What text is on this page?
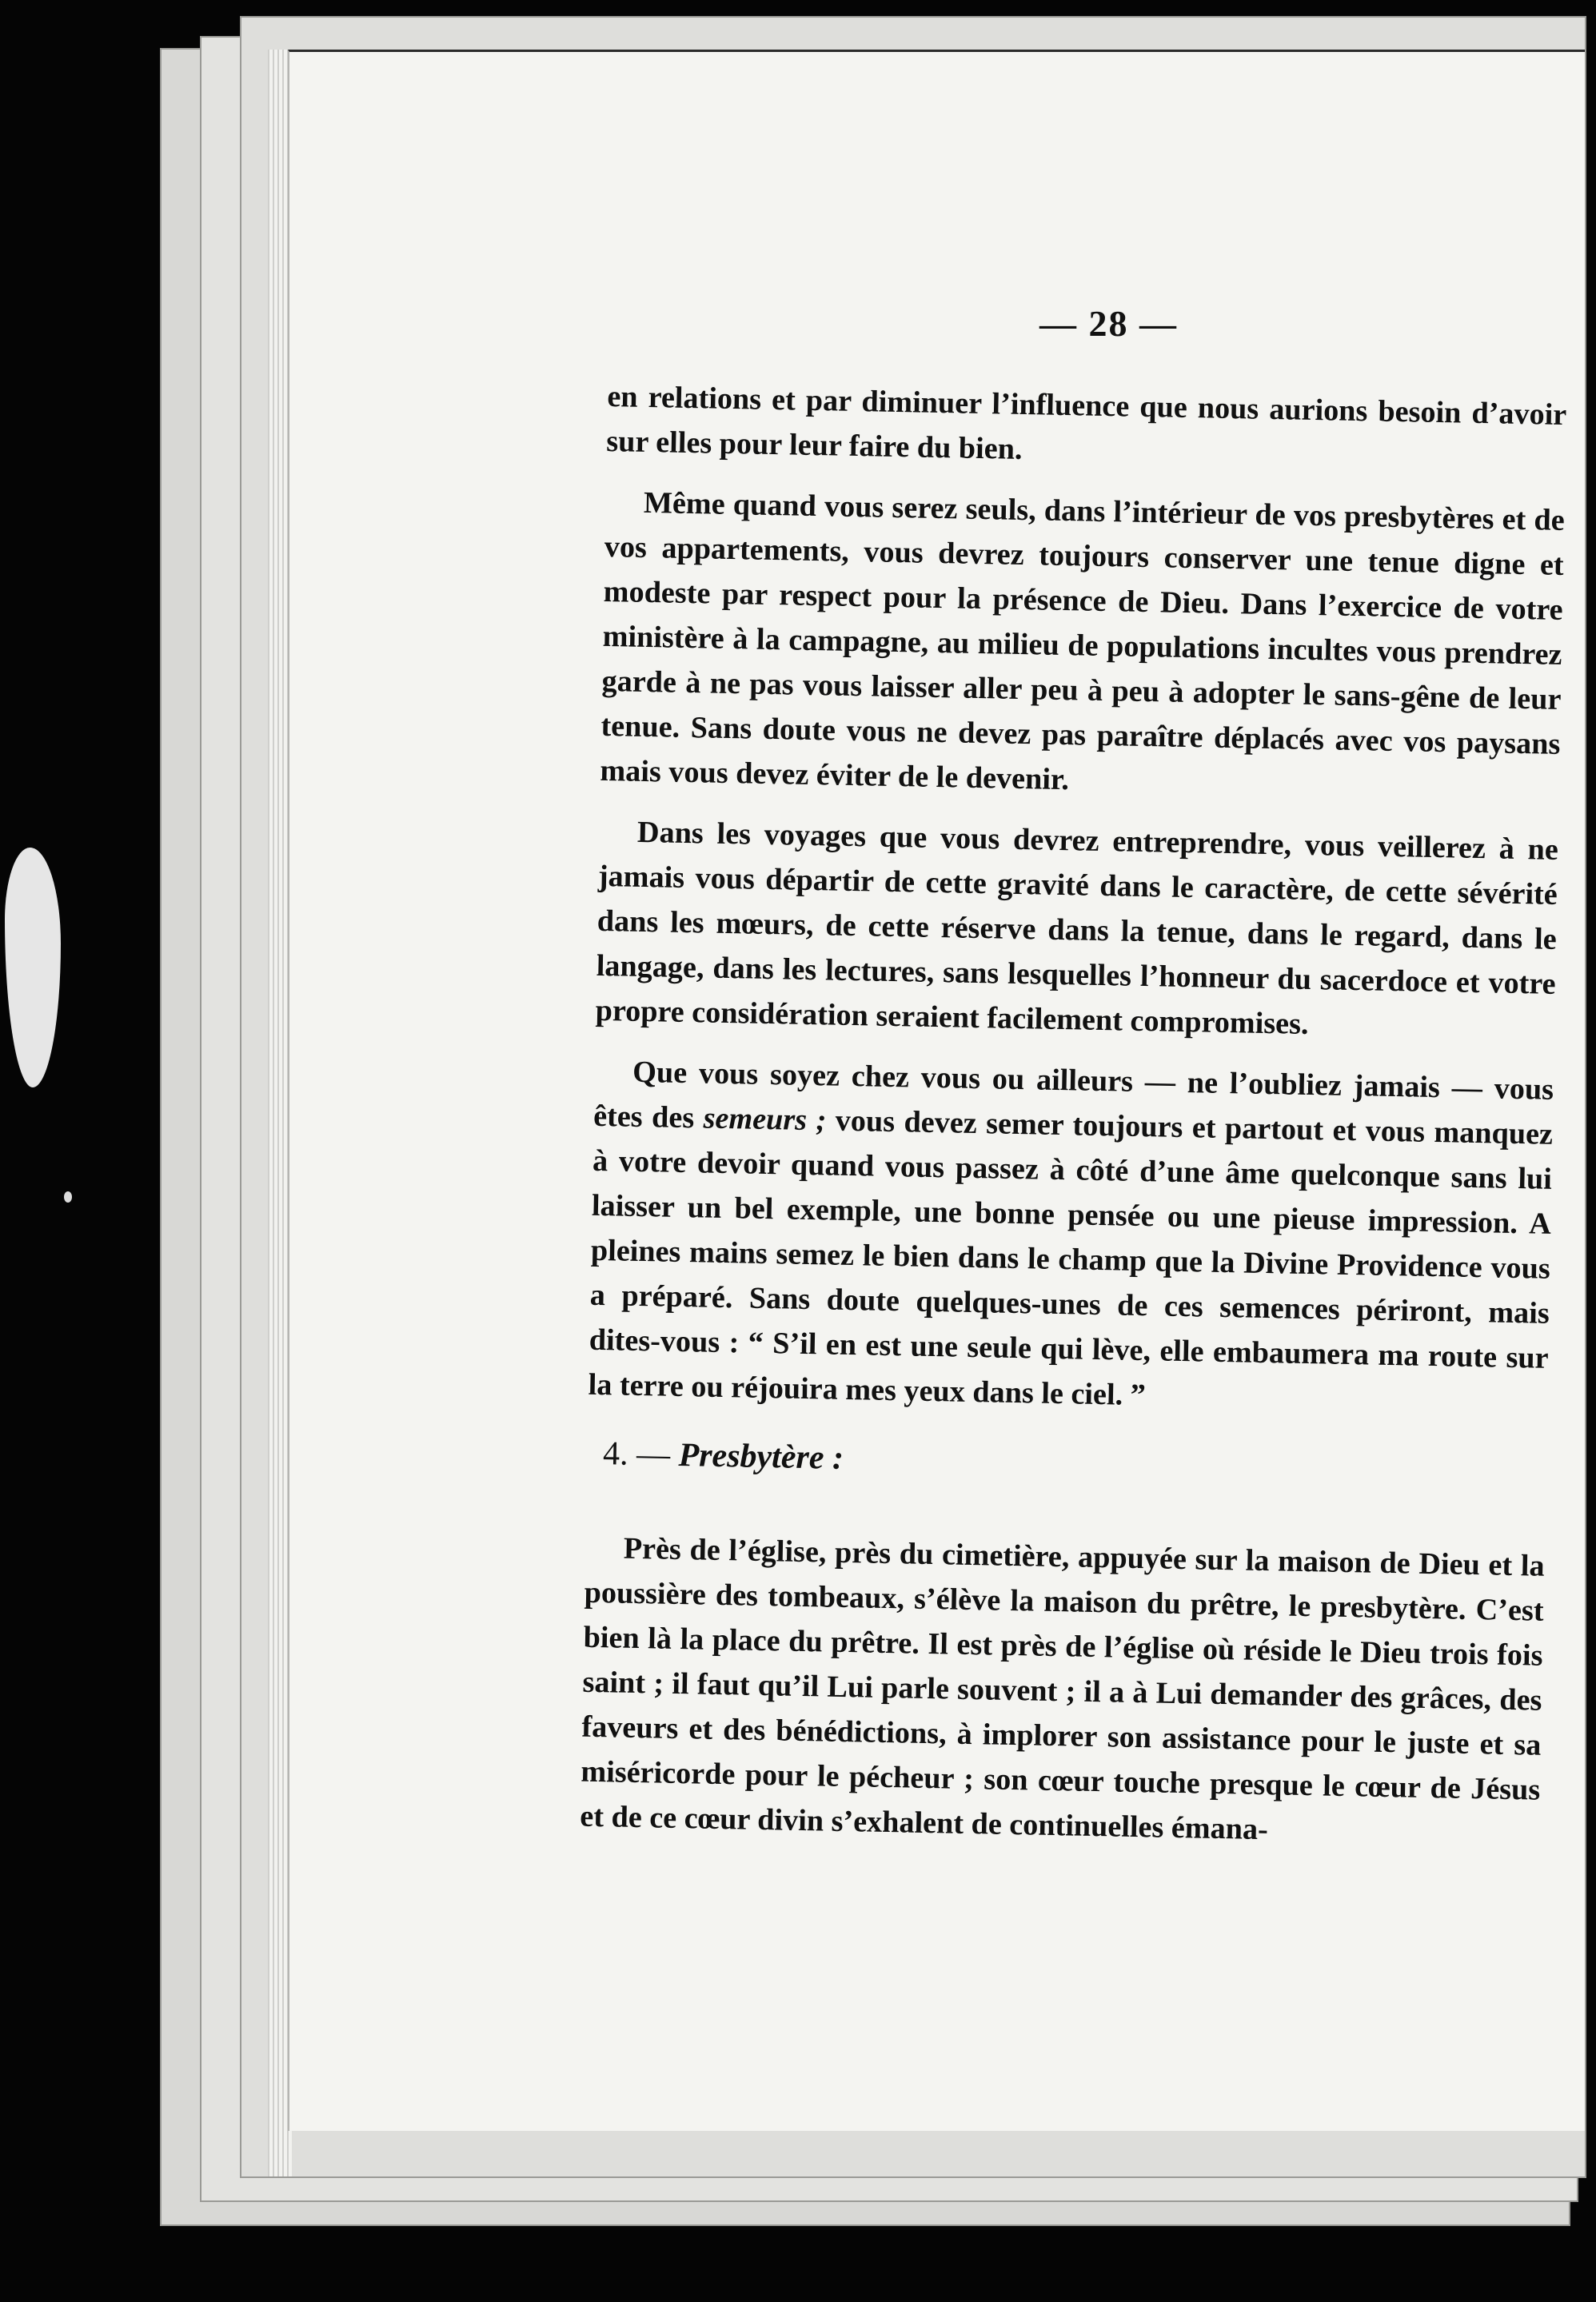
— 28 —

en relations et par diminuer l’influence que nous aurions besoin d’avoir sur elles pour leur faire du bien.

Même quand vous serez seuls, dans l’intérieur de vos presbytères et de vos appartements, vous devrez toujours conserver une tenue digne et modeste par respect pour la présence de Dieu. Dans l’exercice de votre ministère à la campagne, au milieu de populations incultes vous prendrez garde à ne pas vous laisser aller peu à peu à adopter le sans-gêne de leur tenue. Sans doute vous ne devez pas paraître déplacés avec vos paysans mais vous devez éviter de le devenir.

Dans les voyages que vous devrez entreprendre, vous veillerez à ne jamais vous départir de cette gravité dans le caractère, de cette sévérité dans les mœurs, de cette réserve dans la tenue, dans le regard, dans le langage, dans les lectures, sans lesquelles l’honneur du sacerdoce et votre propre considération seraient facilement compromises.

Que vous soyez chez vous ou ailleurs — ne l’oubliez jamais — vous êtes des semeurs ; vous devez semer toujours et partout et vous manquez à votre devoir quand vous passez à côté d’une âme quelconque sans lui laisser un bel exemple, une bonne pensée ou une pieuse impression. A pleines mains semez le bien dans le champ que la Divine Providence vous a préparé. Sans doute quelques-unes de ces semences périront, mais dites-vous : “ S’il en est une seule qui lève, elle embaumera ma route sur la terre ou réjouira mes yeux dans le ciel. ”

4. — Presbytère :

Près de l’église, près du cimetière, appuyée sur la maison de Dieu et la poussière des tombeaux, s’élève la maison du prêtre, le presbytère. C’est bien là la place du prêtre. Il est près de l’église où réside le Dieu trois fois saint ; il faut qu’il Lui parle souvent ; il a à Lui demander des grâces, des faveurs et des bénédictions, à implorer son assistance pour le juste et sa miséricorde pour le pécheur ; son cœur touche presque le cœur de Jésus et de ce cœur divin s’exhalent de continuelles émana-
